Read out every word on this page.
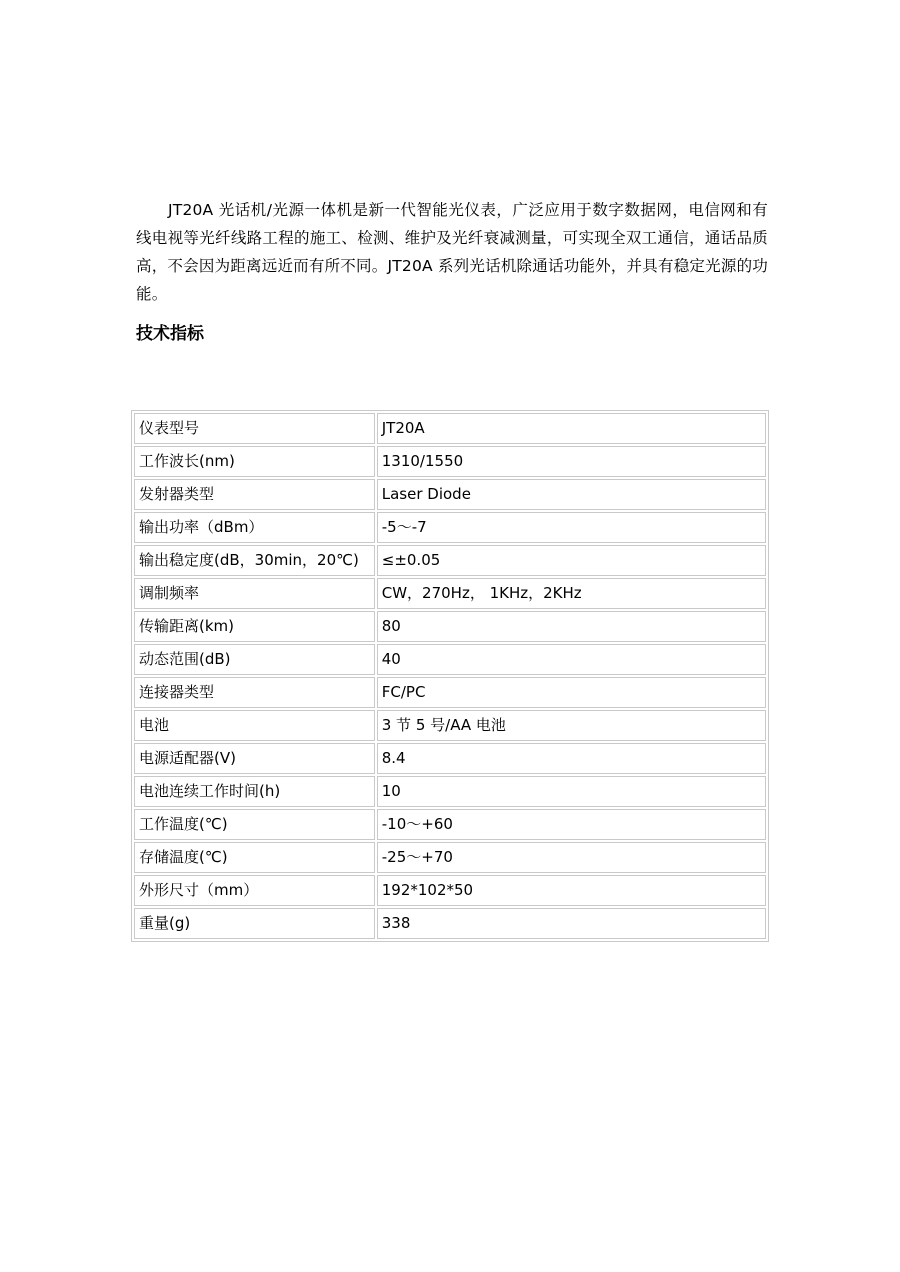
JT20A 光话机/光源一体机是新一代智能光仪表，广泛应用于数字数据网，电信网和有线电视等光纤线路工程的施工、检测、维护及光纤衰减测量，可实现全双工通信，通话品质高，不会因为距离远近而有所不同。JT20A 系列光话机除通话功能外，并具有稳定光源的功能。

技术指标
仪表型号	JT20A
工作波长(nm)	1310/1550
发射器类型	Laser Diode
输出功率（dBm）	-5～-7
输出稳定度(dB，30min，20℃)	≤±0.05
调制频率	CW，270Hz， 1KHz，2KHz
传输距离(km)	80
动态范围(dB)	40
连接器类型	FC/PC
电池	3 节 5 号/AA 电池
电源适配器(V)	8.4
电池连续工作时间(h)	10
工作温度(℃)	-10～+60
存储温度(℃)	-25～+70
外形尺寸（mm）	192*102*50
重量(g)	338
